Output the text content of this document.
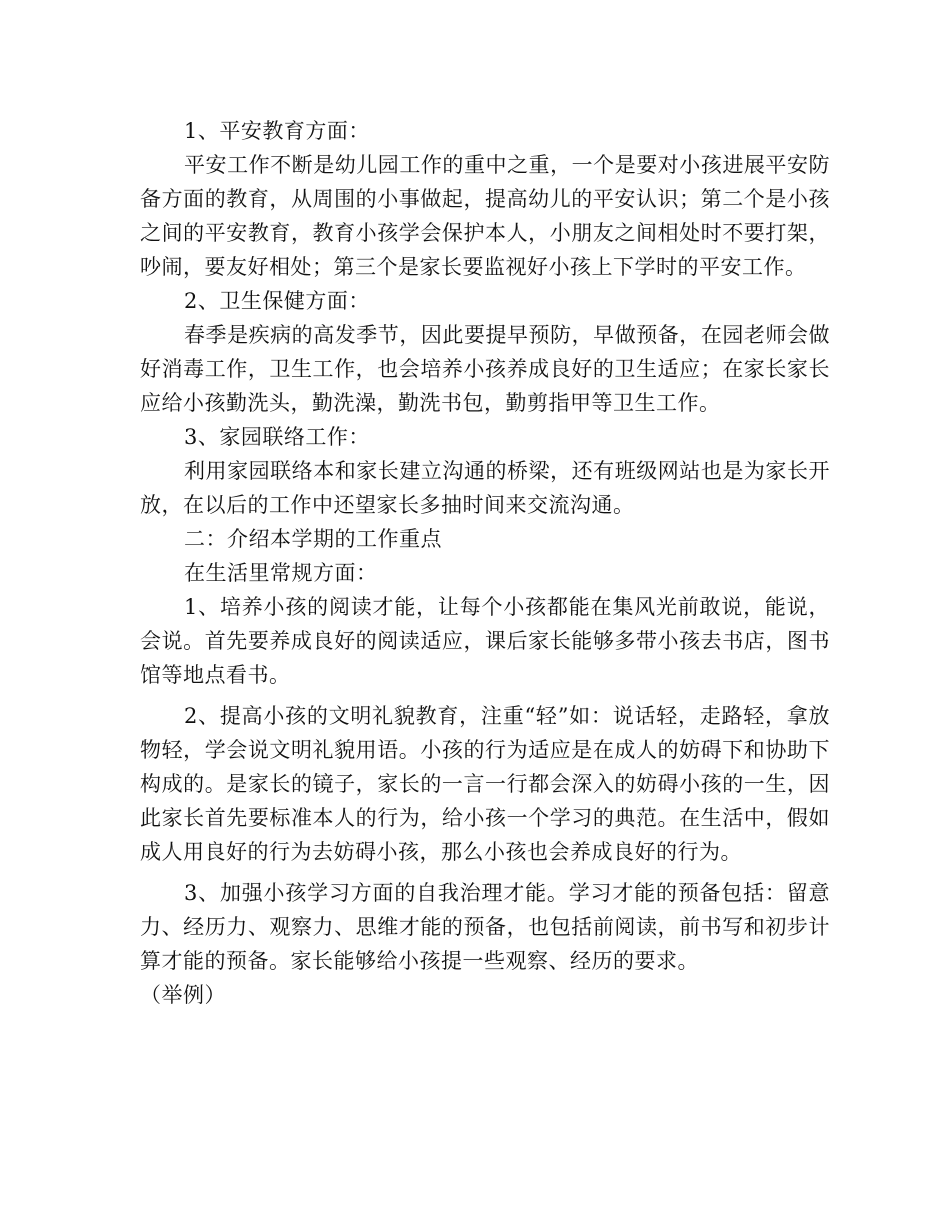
1、平安教育方面：

平安工作不断是幼儿园工作的重中之重，一个是要对小孩进展平安防备方面的教育，从周围的小事做起，提高幼儿的平安认识；第二个是小孩之间的平安教育，教育小孩学会保护本人，小朋友之间相处时不要打架，吵闹，要友好相处；第三个是家长要监视好小孩上下学时的平安工作。

2、卫生保健方面：

春季是疾病的高发季节，因此要提早预防，早做预备，在园老师会做好消毒工作，卫生工作，也会培养小孩养成良好的卫生适应；在家长家长应给小孩勤洗头，勤洗澡，勤洗书包，勤剪指甲等卫生工作。

3、家园联络工作：

利用家园联络本和家长建立沟通的桥梁，还有班级网站也是为家长开放，在以后的工作中还望家长多抽时间来交流沟通。

二：介绍本学期的工作重点

在生活里常规方面：

1、培养小孩的阅读才能，让每个小孩都能在集风光前敢说，能说，会说。首先要养成良好的阅读适应，课后家长能够多带小孩去书店，图书馆等地点看书。

2、提高小孩的文明礼貌教育，注重“轻”如：说话轻，走路轻，拿放物轻，学会说文明礼貌用语。小孩的行为适应是在成人的妨碍下和协助下构成的。是家长的镜子，家长的一言一行都会深入的妨碍小孩的一生，因此家长首先要标准本人的行为，给小孩一个学习的典范。在生活中，假如成人用良好的行为去妨碍小孩，那么小孩也会养成良好的行为。

3、加强小孩学习方面的自我治理才能。学习才能的预备包括：留意力、经历力、观察力、思维才能的预备，也包括前阅读，前书写和初步计算才能的预备。家长能够给小孩提一些观察、经历的要求。

（举例）
